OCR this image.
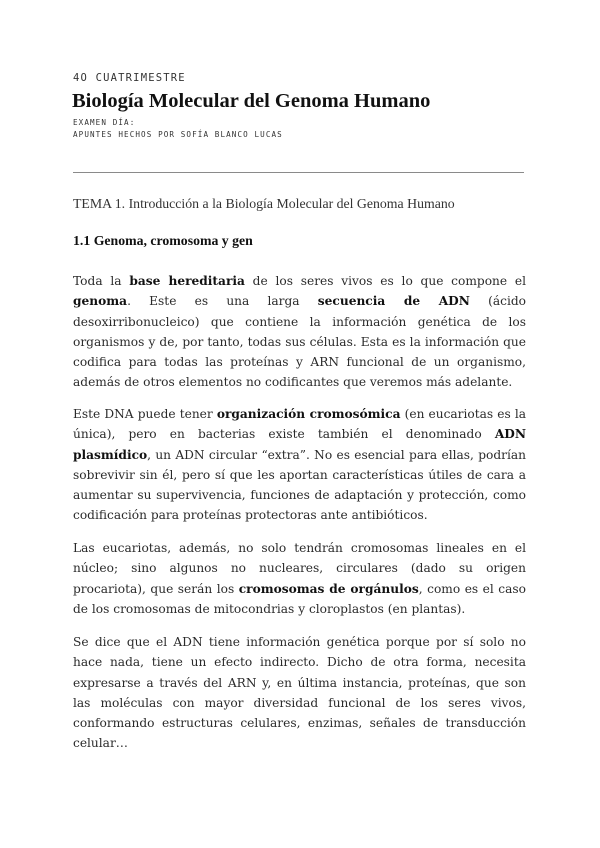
4O CUATRIMESTRE
Biología Molecular del Genoma Humano
EXAMEN DÍA:
APUNTES HECHOS POR SOFÍA BLANCO LUCAS
TEMA 1. Introducción a la Biología Molecular del Genoma Humano
1.1 Genoma, cromosoma y gen

Toda la base hereditaria de los seres vivos es lo que compone el genoma. Este es una larga secuencia de ADN (ácido desoxirribonucleico) que contiene la información genética de los organismos y de, por tanto, todas sus células. Esta es la información que codifica para todas las proteínas y ARN funcional de un organismo, además de otros elementos no codificantes que veremos más adelante.

Este DNA puede tener organización cromosómica (en eucariotas es la única), pero en bacterias existe también el denominado ADN plasmídico, un ADN circular “extra”. No es esencial para ellas, podrían sobrevivir sin él, pero sí que les aportan características útiles de cara a aumentar su supervivencia, funciones de adaptación y protección, como codificación para proteínas protectoras ante antibióticos.

Las eucariotas, además, no solo tendrán cromosomas lineales en el núcleo; sino algunos no nucleares, circulares (dado su origen procariota), que serán los cromosomas de orgánulos, como es el caso de los cromosomas de mitocondrias y cloroplastos (en plantas).

Se dice que el ADN tiene información genética porque por sí solo no hace nada, tiene un efecto indirecto. Dicho de otra forma, necesita expresarse a través del ARN y, en última instancia, proteínas, que son las moléculas con mayor diversidad funcional de los seres vivos, conformando estructuras celulares, enzimas, señales de transducción celular…
